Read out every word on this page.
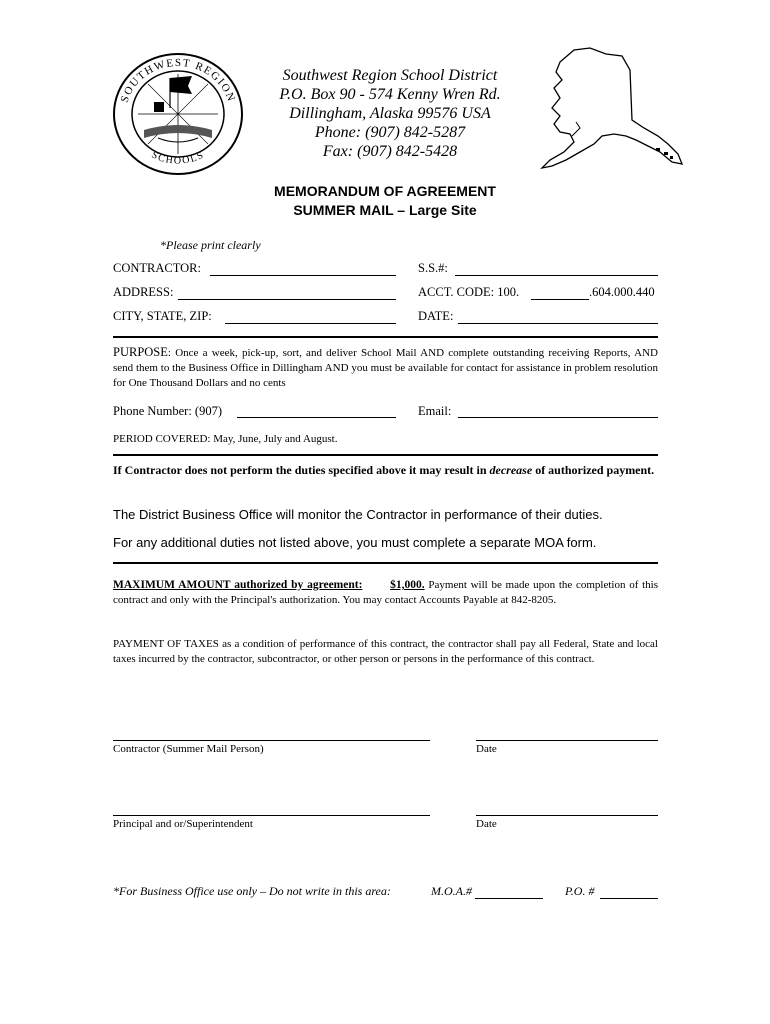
SOUTHWEST REGION
SCHOOLS
Southwest Region School District
P.O. Box 90 - 574 Kenny Wren Rd.
Dillingham, Alaska 99576 USA
Phone: (907) 842-5287
Fax: (907) 842-5428
MEMORANDUM OF AGREEMENT
SUMMER MAIL – Large Site
*Please print clearly
CONTRACTOR:	S.S.#:
ADDRESS:	ACCT. CODE: 100.	.604.000.440
CITY, STATE, ZIP:	DATE:
PURPOSE: Once a week, pick-up, sort, and deliver School Mail AND complete outstanding receiving Reports, AND send them to the Business Office in Dillingham AND you must be available for contact for assistance in problem resolution for One Thousand Dollars and no cents
Phone Number: (907)	Email:
PERIOD COVERED: May, June, July and August.
If Contractor does not perform the duties specified above it may result in decrease of authorized payment.
The District Business Office will monitor the Contractor in performance of their duties.
For any additional duties not listed above, you must complete a separate MOA form.
MAXIMUM AMOUNT authorized by agreement: $1,000. Payment will be made upon the completion of this contract and only with the Principal's authorization. You may contact Accounts Payable at 842-8205.
PAYMENT OF TAXES as a condition of performance of this contract, the contractor shall pay all Federal, State and local taxes incurred by the contractor, subcontractor, or other person or persons in the performance of this contract.
Contractor (Summer Mail Person)	Date
Principal and or/Superintendent	Date
*For Business Office use only – Do not write in this area:	M.O.A.#	P.O. #
